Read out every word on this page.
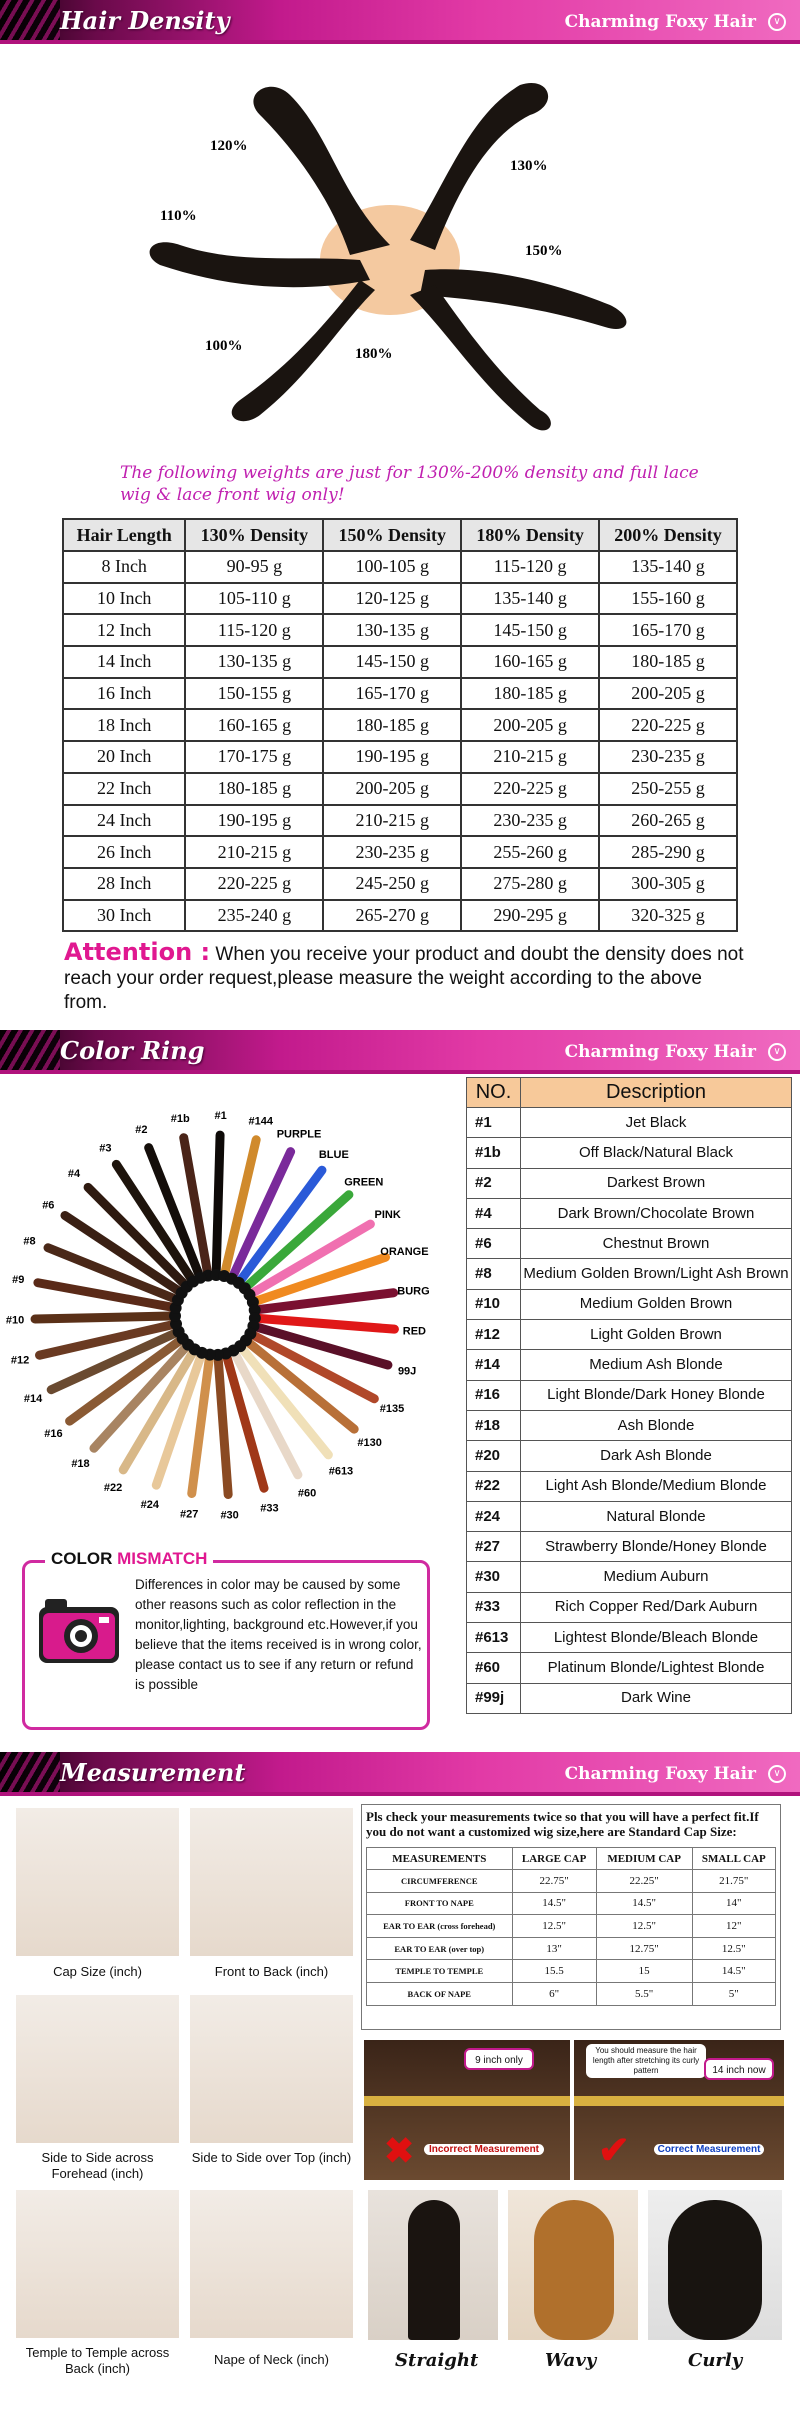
Hair Density	Charming Foxy Hair	∨
120%
130%
110%
150%
100%	180%
The following weights are just for 130%-200% density and full lace wig & lace front wig only!
Hair Length	130% Density	150% Density	180% Density	200% Density
8 Inch	90-95 g	100-105 g	115-120 g	135-140 g
10 Inch	105-110 g	120-125 g	135-140 g	155-160 g
12 Inch	115-120 g	130-135 g	145-150 g	165-170 g
14 Inch	130-135 g	145-150 g	160-165 g	180-185 g
16 Inch	150-155 g	165-170 g	180-185 g	200-205 g
18 Inch	160-165 g	180-185 g	200-205 g	220-225 g
20 Inch	170-175 g	190-195 g	210-215 g	230-235 g
22 Inch	180-185 g	200-205 g	220-225 g	250-255 g
24 Inch	190-195 g	210-215 g	230-235 g	260-265 g
26 Inch	210-215 g	230-235 g	255-260 g	285-290 g
28 Inch	220-225 g	245-250 g	275-280 g	300-305 g
30 Inch	235-240 g	265-270 g	290-295 g	320-325 g
Attention : When you receive your product and doubt the density does not reach your order request,please measure the weight according to the above from.
Color Ring	Charming Foxy Hair	∨
#1b #1 #144
PURPLE
BLUE
GREEN
PINK
ORANGE
BURG
RED
99J
#135
#130
#613
#60
#33
#30
#27
#24
#22
#18
#16
#14
#12
#10
#9
#8
#6
#4
#3
#2
NO.	Description
#1	Jet Black
#1b	Off Black/Natural Black
#2	Darkest Brown
#4	Dark Brown/Chocolate Brown
#6	Chestnut Brown
#8	Medium Golden Brown/Light Ash Brown
#10	Medium Golden Brown
#12	Light Golden Brown
#14	Medium Ash Blonde
#16	Light Blonde/Dark Honey Blonde
#18	Ash Blonde
#20	Dark Ash Blonde
#22	Light Ash Blonde/Medium Blonde
#24	Natural Blonde
#27	Strawberry Blonde/Honey Blonde
#30	Medium Auburn
#33	Rich Copper Red/Dark Auburn
#613	Lightest Blonde/Bleach Blonde
#60	Platinum Blonde/Lightest Blonde
#99j	Dark Wine
COLOR MISMATCH
Differences in color may be caused by some other reasons such as color reflection in the monitor,lighting, background etc.However,if you believe that the items received is in wrong color, please contact us to see if any return or refund is possible
Measurement	Charming Foxy Hair	∨
Cap Size (inch)	Front to Back (inch)
Side to Side across Forehead (inch)
Side to Side over Top (inch)
Temple to Temple across Back (inch)
Nape of Neck (inch)
Pls check your measurements twice so that you will have a perfect fit.If you do not want a customized wig size,here are Standard Cap Size:
MEASUREMENTS	LARGE CAP	MEDIUM CAP	SMALL CAP
CIRCUMFERENCE	22.75"	22.25"	21.75"
FRONT TO NAPE	14.5"	14.5"	14"
EAR TO EAR (cross forehead)	12.5"	12.5"	12"
EAR TO EAR (over top)	13"	12.75"	12.5"
TEMPLE TO TEMPLE	15.5	15	14.5"
BACK OF NAPE	6"	5.5"	5"
9 inch only
✖	Incorrect Measurement
You should measure the hair length after stretching its curly pattern	14 inch now
✔	Correct Measurement
Straight	Wavy	Curly
